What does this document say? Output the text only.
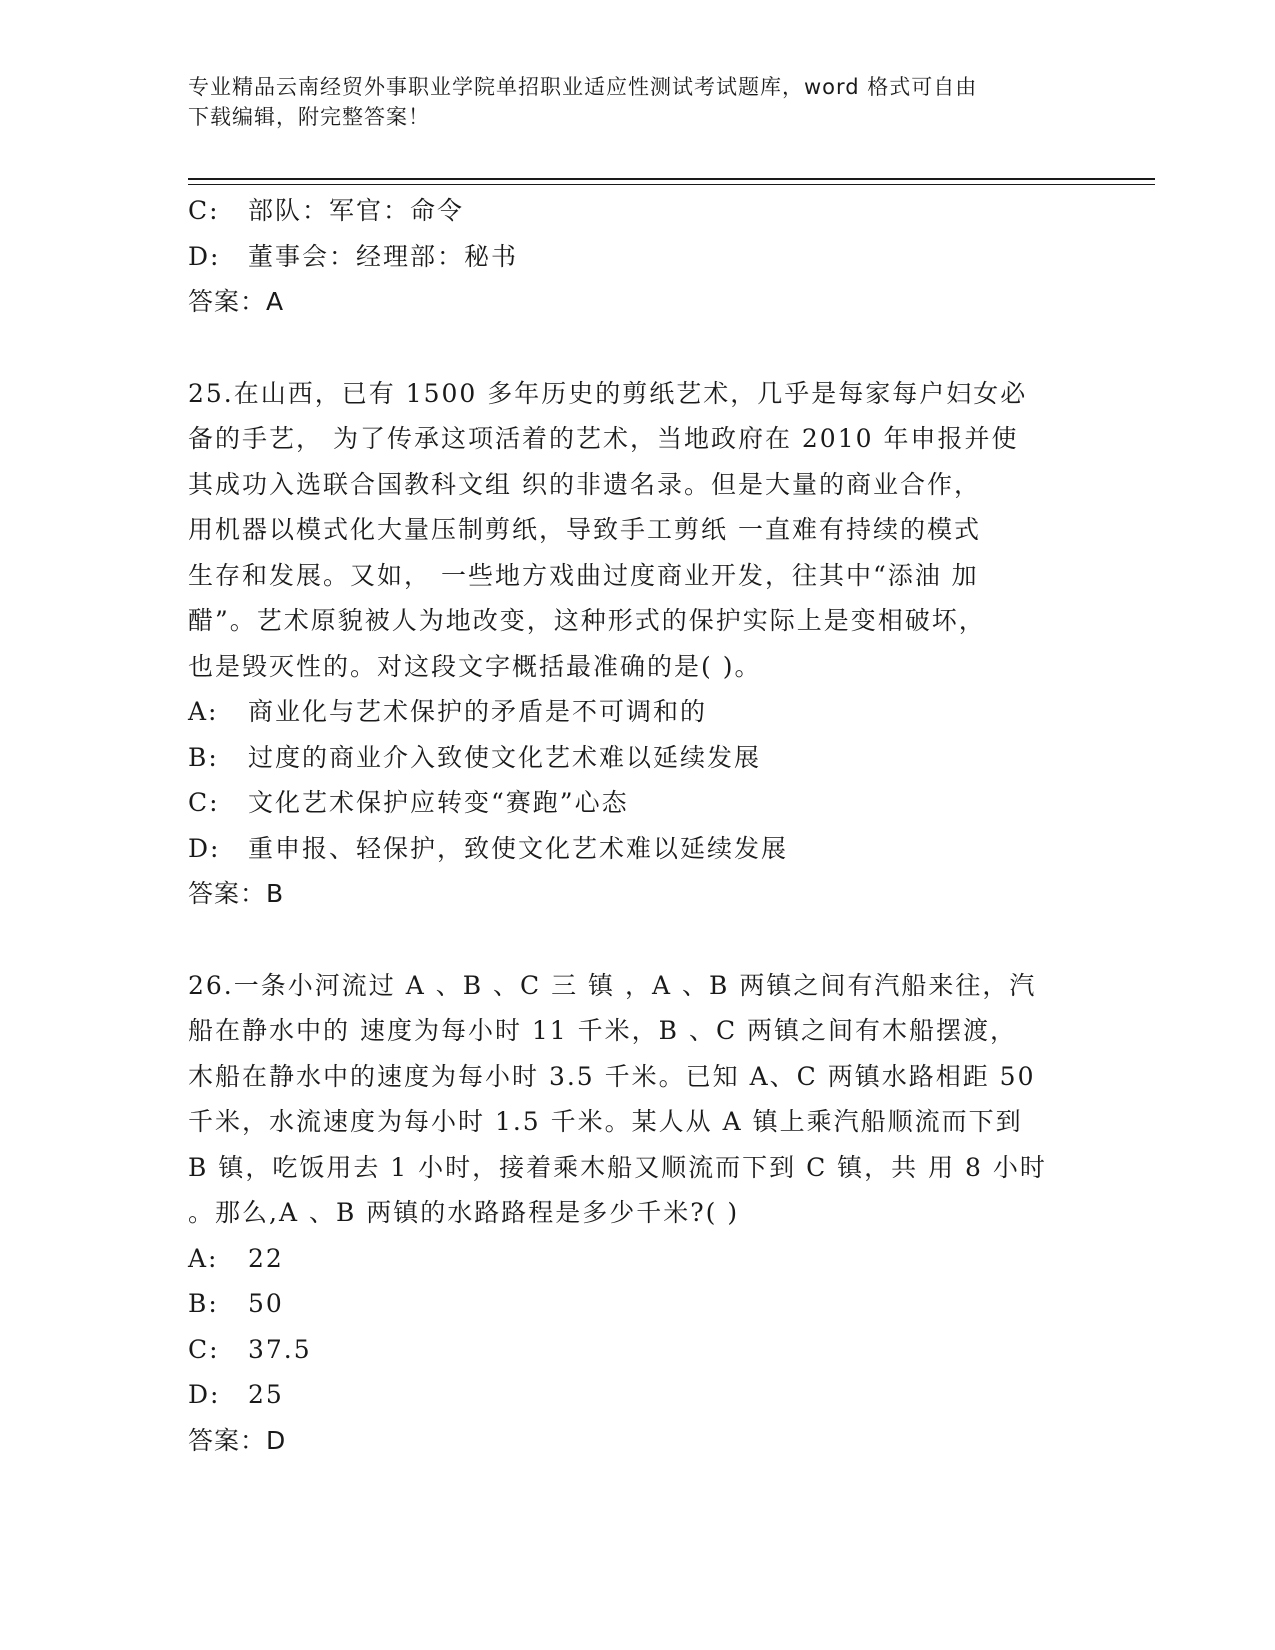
专业精品云南经贸外事职业学院单招职业适应性测试考试题库，word 格式可自由
下载编辑，附完整答案！
C:	部队：军官：命令
D:	董事会：经理部：秘书
答案：A
25.在山西，已有 1500 多年历史的剪纸艺术，几乎是每家每户妇女必
备的手艺， 为了传承这项活着的艺术，当地政府在 2010 年申报并使
其成功入选联合国教科文组 织的非遗名录。但是大量的商业合作，
用机器以模式化大量压制剪纸，导致手工剪纸 一直难有持续的模式
生存和发展。又如， 一些地方戏曲过度商业开发，往其中“添油 加
醋”。艺术原貌被人为地改变，这种形式的保护实际上是变相破坏，
也是毁灭性的。对这段文字概括最准确的是( )。
A:	商业化与艺术保护的矛盾是不可调和的
B:	过度的商业介入致使文化艺术难以延续发展
C:	文化艺术保护应转变“赛跑”心态
D:	重申报、轻保护，致使文化艺术难以延续发展
答案：B
26.一条小河流过 A 、B 、C 三 镇 ，A 、B 两镇之间有汽船来往，汽
船在静水中的 速度为每小时 11 千米，B 、C 两镇之间有木船摆渡，
木船在静水中的速度为每小时 3.5 千米。已知 A、C 两镇水路相距 50
千米，水流速度为每小时 1.5 千米。某人从 A 镇上乘汽船顺流而下到
B 镇，吃饭用去 1 小时，接着乘木船又顺流而下到 C 镇，共 用 8 小时
。那么,A 、B 两镇的水路路程是多少千米?( )
A:	22
B:	50
C:	37.5
D:	25
答案：D
